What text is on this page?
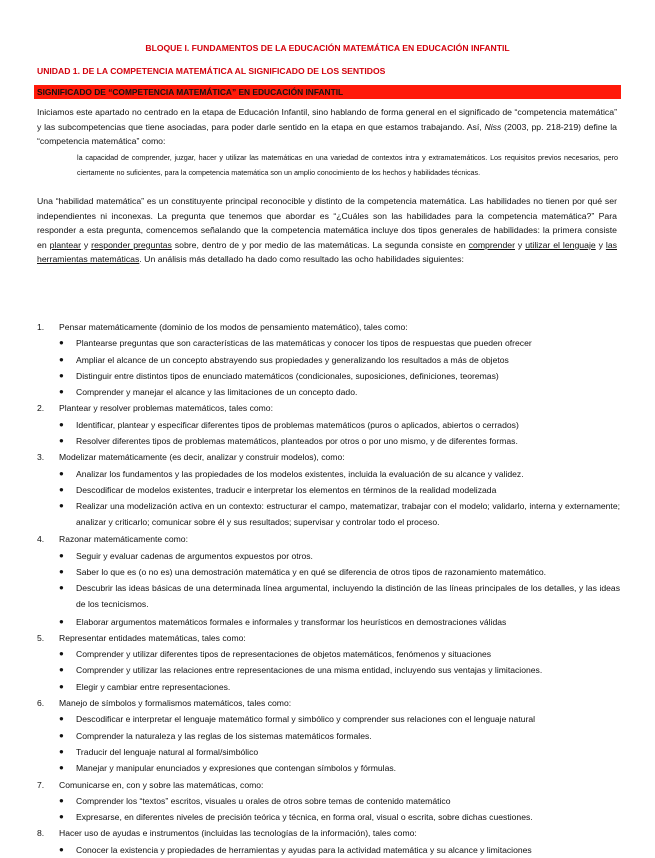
BLOQUE I. FUNDAMENTOS DE LA EDUCACIÓN MATEMÁTICA EN EDUCACIÓN INFANTIL
UNIDAD 1. DE LA COMPETENCIA MATEMÁTICA AL SIGNIFICADO DE LOS SENTIDOS
SIGNIFICADO DE “COMPETENCIA MATEMÁTICA” EN EDUCACIÓN INFANTIL

Iniciamos este apartado no centrado en la etapa de Educación Infantil, sino hablando de forma general en el significado de “competencia matemática” y las subcompetencias que tiene asociadas, para poder darle sentido en la etapa en que estamos trabajando. Así, Niss (2003, pp. 218-219) define la “competencia matemática” como:

la capacidad de comprender, juzgar, hacer y utilizar las matemáticas en una variedad de contextos intra y extramatemáticos. Los requisitos previos necesarios, pero ciertamente no suficientes, para la competencia matemática son un amplio conocimiento de los hechos y habilidades técnicas.

Una “habilidad matemática” es un constituyente principal reconocible y distinto de la competencia matemática. Las habilidades no tienen por qué ser independientes ni inconexas. La pregunta que tenemos que abordar es “¿Cuáles son las habilidades para la competencia matemática?” Para responder a esta pregunta, comencemos señalando que la competencia matemática incluye dos tipos generales de habilidades: la primera consiste en plantear y responder preguntas sobre, dentro de y por medio de las matemáticas. La segunda consiste en comprender y utilizar el lenguaje y las herramientas matemáticas. Un análisis más detallado ha dado como resultado las ocho habilidades siguientes:

1.	Pensar matemáticamente (dominio de los modos de pensamiento matemático), tales como:
●	Plantearse preguntas que son características de las matemáticas y conocer los tipos de respuestas que pueden ofrecer
●	Ampliar el alcance de un concepto abstrayendo sus propiedades y generalizando los resultados a más de objetos
●	Distinguir entre distintos tipos de enunciado matemáticos (condicionales, suposiciones, definiciones, teoremas)
●	Comprender y manejar el alcance y las limitaciones de un concepto dado.
2.	Plantear y resolver problemas matemáticos, tales como:
●	Identificar, plantear y especificar diferentes tipos de problemas matemáticos (puros o aplicados, abiertos o cerrados)
●	Resolver diferentes tipos de problemas matemáticos, planteados por otros o por uno mismo, y de diferentes formas.
3.	Modelizar matemáticamente (es decir, analizar y construir modelos), como:
●	Analizar los fundamentos y las propiedades de los modelos existentes, incluida la evaluación de su alcance y validez.
●	Descodificar de modelos existentes, traducir e interpretar los elementos en términos de la realidad modelizada
●	Realizar una modelización activa en un contexto: estructurar el campo, matematizar, trabajar con el modelo; validarlo, interna y externamente; analizar y criticarlo; comunicar sobre él y sus resultados; supervisar y controlar todo el proceso.
4.	Razonar matemáticamente como:
●	Seguir y evaluar cadenas de argumentos expuestos por otros.
●	Saber lo que es (o no es) una demostración matemática y en qué se diferencia de otros tipos de razonamiento matemático.
●	Descubrir las ideas básicas de una determinada línea argumental, incluyendo la distinción de las líneas principales de los detalles, y las ideas de los tecnicismos.
●	Elaborar argumentos matemáticos formales e informales y transformar los heurísticos en demostraciones válidas
5.	Representar entidades matemáticas, tales como:
●	Comprender y utilizar diferentes tipos de representaciones de objetos matemáticos, fenómenos y situaciones
●	Comprender y utilizar las relaciones entre representaciones de una misma entidad, incluyendo sus ventajas y limitaciones.
●	Elegir y cambiar entre representaciones.
6.	Manejo de símbolos y formalismos matemáticos, tales como:
●	Descodificar e interpretar el lenguaje matemático formal y simbólico y comprender sus relaciones con el lenguaje natural
●	Comprender la naturaleza y las reglas de los sistemas matemáticos formales.
●	Traducir del lenguaje natural al formal/simbólico
●	Manejar y manipular enunciados y expresiones que contengan símbolos y fórmulas.
7.	Comunicarse en, con y sobre las matemáticas, como:
●	Comprender los “textos” escritos, visuales u orales de otros sobre temas de contenido matemático
●	Expresarse, en diferentes niveles de precisión teórica y técnica, en forma oral, visual o escrita, sobre dichas cuestiones.
8.	Hacer uso de ayudas e instrumentos (incluidas las tecnologías de la información), tales como:
●	Conocer la existencia y propiedades de herramientas y ayudas para la actividad matemática y su alcance y limitaciones
